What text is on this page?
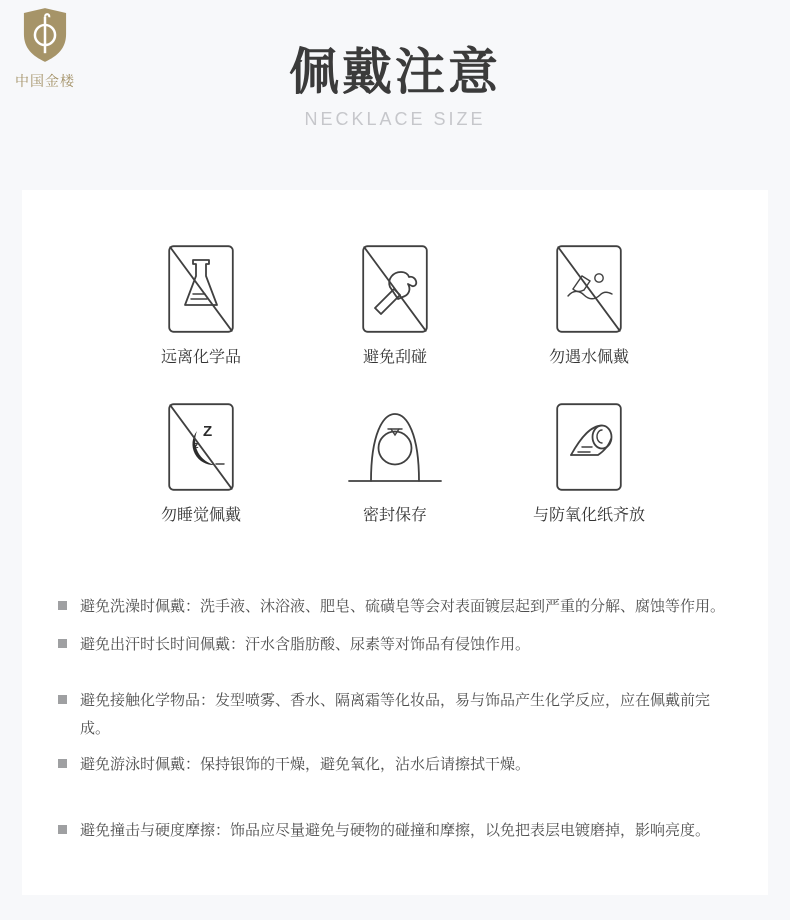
中国金楼	佩戴注意
NECKLACE SIZE
远离化学品	避免刮碰	勿遇水佩戴
Z
z
勿睡觉佩戴	密封保存	与防氧化纸齐放

避免洗澡时佩戴：洗手液、沐浴液、肥皂、硫磺皂等会对表面镀层起到严重的分解、腐蚀等作用。

避免出汗时长时间佩戴：汗水含脂肪酸、尿素等对饰品有侵蚀作用。

避免接触化学物品：发型喷雾、香水、隔离霜等化妆品，易与饰品产生化学反应，应在佩戴前完成。

避免游泳时佩戴：保持银饰的干燥，避免氧化，沾水后请擦拭干燥。

避免撞击与硬度摩擦：饰品应尽量避免与硬物的碰撞和摩擦，以免把表层电镀磨掉，影响亮度。
